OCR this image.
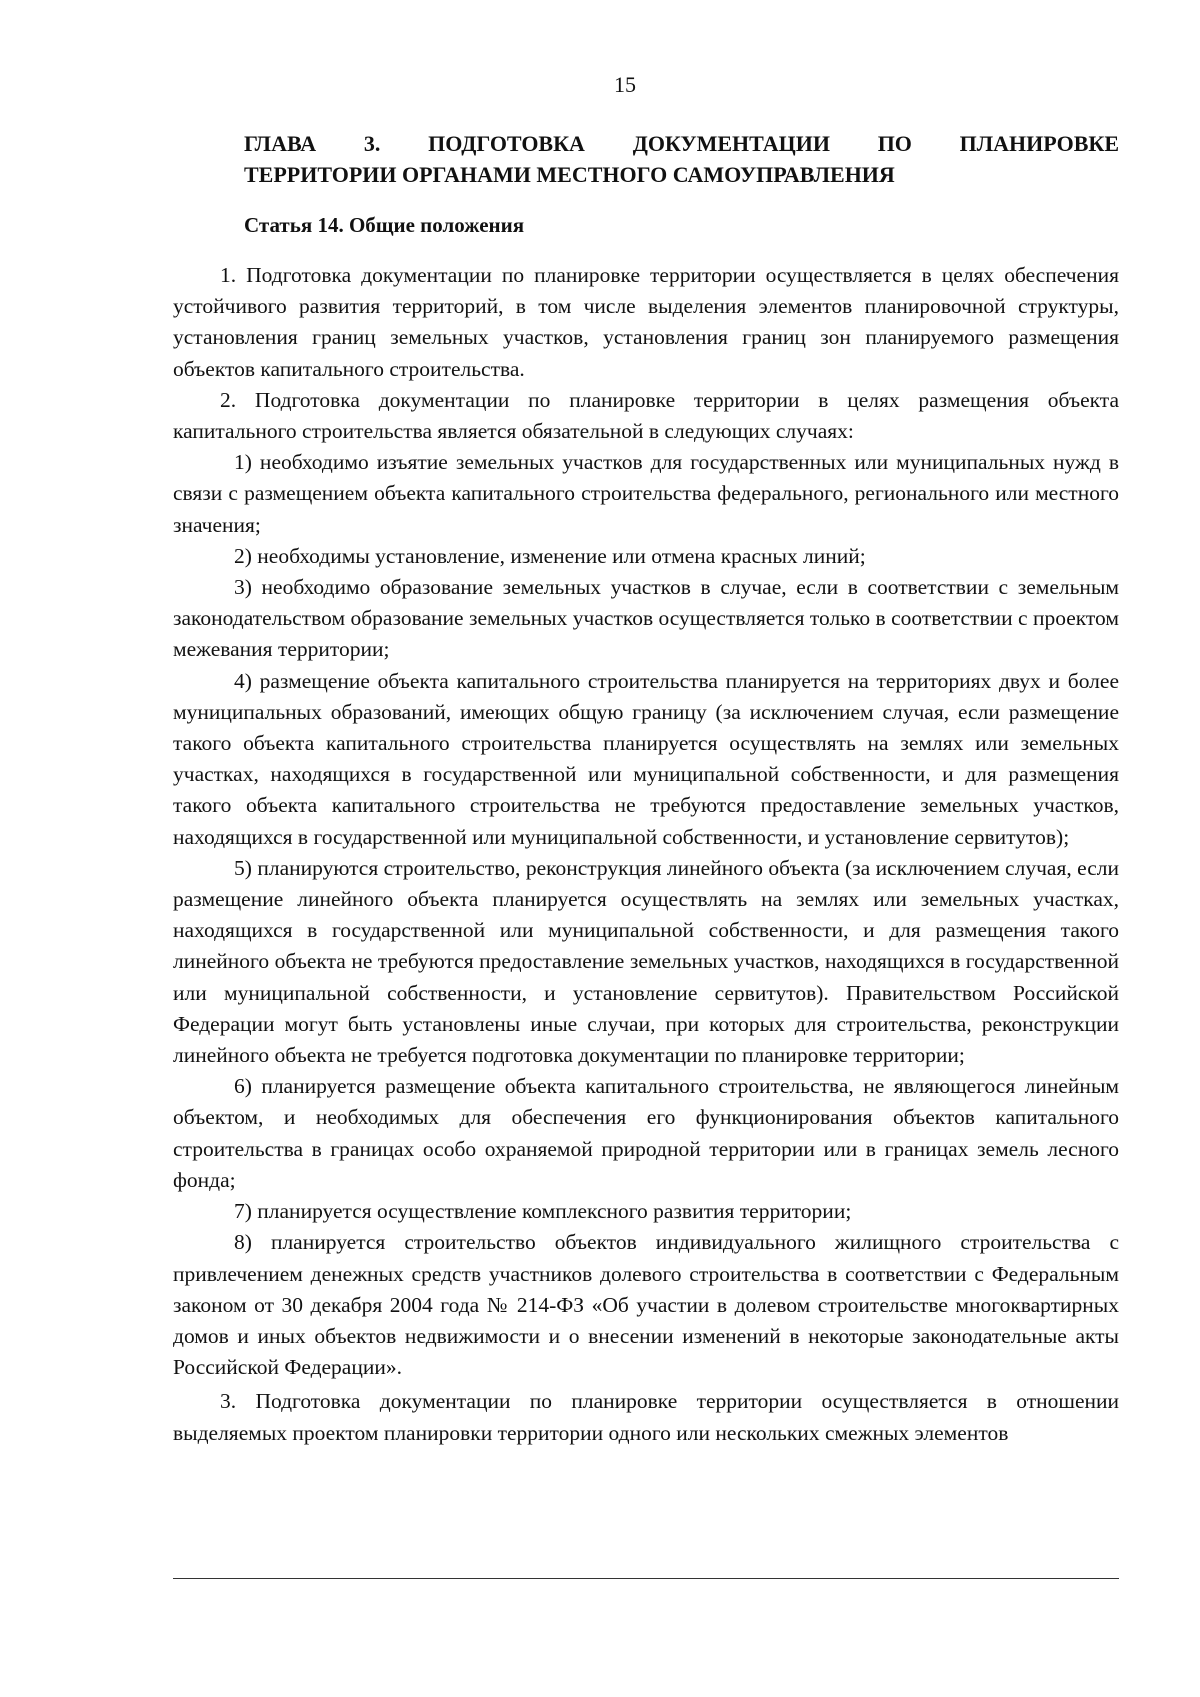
15
ГЛАВА 3. ПОДГОТОВКА ДОКУМЕНТАЦИИ ПО ПЛАНИРОВКЕ
ТЕРРИТОРИИ ОРГАНАМИ МЕСТНОГО САМОУПРАВЛЕНИЯ
Статья 14. Общие положения

1. Подготовка документации по планировке территории осуществляется в целях обеспечения устойчивого развития территорий, в том числе выделения элементов планировочной структуры, установления границ земельных участков, установления границ зон планируемого размещения объектов капитального строительства.

2. Подготовка документации по планировке территории в целях размещения объекта капитального строительства является обязательной в следующих случаях:

1) необходимо изъятие земельных участков для государственных или муниципальных нужд в связи с размещением объекта капитального строительства федерального, регионального или местного значения;

2) необходимы установление, изменение или отмена красных линий;

3) необходимо образование земельных участков в случае, если в соответствии с земельным законодательством образование земельных участков осуществляется только в соответствии с проектом межевания территории;

4) размещение объекта капитального строительства планируется на территориях двух и более муниципальных образований, имеющих общую границу (за исключением случая, если размещение такого объекта капитального строительства планируется осуществлять на землях или земельных участках, находящихся в государственной или муниципальной собственности, и для размещения такого объекта капитального строительства не требуются предоставление земельных участков, находящихся в государственной или муниципальной собственности, и установление сервитутов);

5) планируются строительство, реконструкция линейного объекта (за исключением случая, если размещение линейного объекта планируется осуществлять на землях или земельных участках, находящихся в государственной или муниципальной собственности, и для размещения такого линейного объекта не требуются предоставление земельных участков, находящихся в государственной или муниципальной собственности, и установление сервитутов). Правительством Российской Федерации могут быть установлены иные случаи, при которых для строительства, реконструкции линейного объекта не требуется подготовка документации по планировке территории;

6) планируется размещение объекта капитального строительства, не являющегося линейным объектом, и необходимых для обеспечения его функционирования объектов капитального строительства в границах особо охраняемой природной территории или в границах земель лесного фонда;

7) планируется осуществление комплексного развития территории;

8) планируется строительство объектов индивидуального жилищного строительства с привлечением денежных средств участников долевого строительства в соответствии с Федеральным законом от 30 декабря 2004 года № 214-ФЗ «Об участии в долевом строительстве многоквартирных домов и иных объектов недвижимости и о внесении изменений в некоторые законодательные акты Российской Федерации».

3. Подготовка документации по планировке территории осуществляется в отношении выделяемых проектом планировки территории одного или нескольких смежных элементов
